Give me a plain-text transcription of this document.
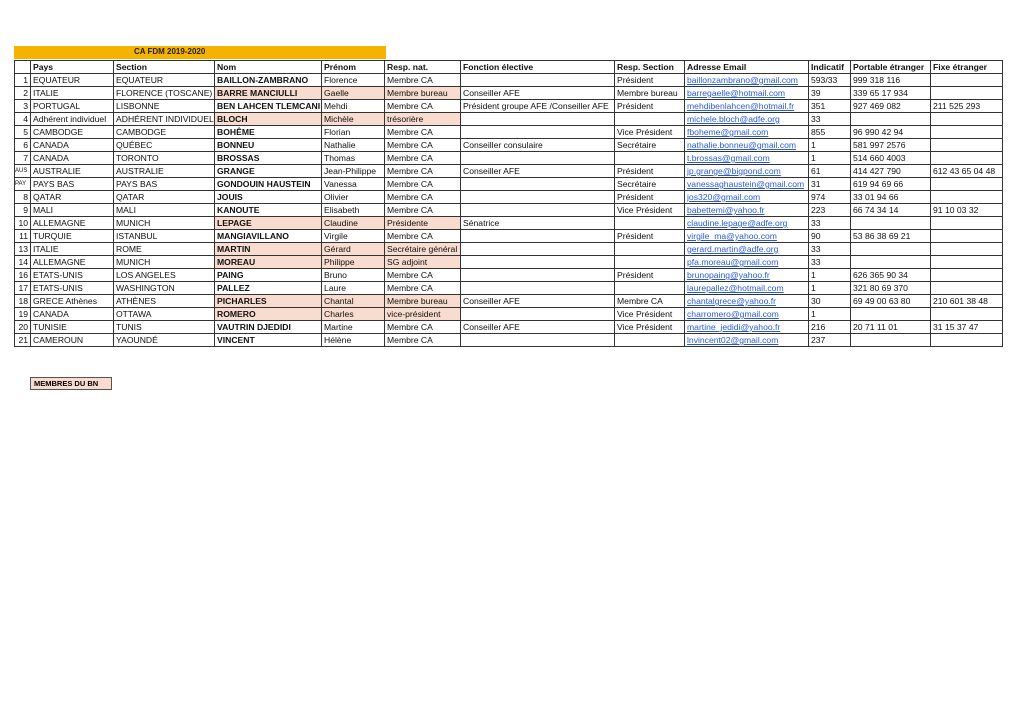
CA FDM 2019-2020
	Pays	Section	Nom	Prénom	Resp. nat.	Fonction élective	Resp. Section	Adresse Email	Indicatif	Portable étranger	Fixe étranger
1	EQUATEUR	EQUATEUR	BAILLON-ZAMBRANO	Florence	Membre CA		Président	baillonzambrano@gmail.com	593/33	999 318 116	
2	ITALIE	FLORENCE (TOSCANE)	BARRE MANCIULLI	Gaelle	Membre bureau	Conseiller AFE	Membre bureau	barregaelle@hotmail.com	39	339 65 17 934	
3	PORTUGAL	LISBONNE	BEN LAHCEN TLEMCANI	Mehdi	Membre CA	Président groupe AFE /Conseiller AFE	Président	mehdibenlahcen@hotmail.fr	351	927 469 082	211 525 293
4	Adhérent individuel	ADHÉRENT INDIVIDUEL	BLOCH	Michèle	trésorière			michele.bloch@adfe.org	33		
5	CAMBODGE	CAMBODGE	BOHÊME	Florian	Membre CA		Vice Président	fboheme@gmail.com	855	96 990 42 94	
6	CANADA	QUÉBEC	BONNEU	Nathalie	Membre CA	Conseiller consulaire	Secrétaire	nathalie.bonneu@gmail.com	1	581 997 2576	
7	CANADA	TORONTO	BROSSAS	Thomas	Membre CA			t.brossas@gmail.com	1	514 660 4003	
AUS	AUSTRALIE	AUSTRALIE	GRANGE	Jean-Philippe	Membre CA	Conseiller AFE	Président	jp.grange@bigpond.com	61	414 427 790	612 43 65 04 48
PAY	PAYS BAS	PAYS BAS	GONDOUIN HAUSTEIN	Vanessa	Membre CA		Secrétaire	vanessaghaustein@gmail.com	31	619 94 69 66	
8	QATAR	QATAR	JOUIS	Olivier	Membre CA		Président	jos320@gmail.com	974	33 01 94 66	
9	MALI	MALI	KANOUTE	Elisabeth	Membre CA		Vice Président	babettemi@yahoo.fr	223	66 74 34 14	91 10 03 32
10	ALLEMAGNE	MUNICH	LEPAGE	Claudine	Présidente	Sénatrice		claudine.lepage@adfe.org	33		
11	TURQUIE	ISTANBUL	MANGIAVILLANO	Virgile	Membre CA		Président	virgile_ma@yahoo.com	90	53 86 38 69 21	
13	ITALIE	ROME	MARTIN	Gérard	Secrétaire général			gerard.martin@adfe.org	33		
14	ALLEMAGNE	MUNICH	MOREAU	Philippe	SG adjoint			pfa.moreau@gmail.com	33		
16	ETATS-UNIS	LOS ANGELES	PAING	Bruno	Membre CA		Président	brunopaing@yahoo.fr	1	626 365 90 34	
17	ETATS-UNIS	WASHINGTON	PALLEZ	Laure	Membre CA			laurepallez@hotmail.com	1	321 80 69 370	
18	GRECE Athènes	ATHÈNES	PICHARLES	Chantal	Membre bureau	Conseiller AFE	Membre CA	chantalgrece@yahoo.fr	30	69 49 00 63 80	210 601 38 48
19	CANADA	OTTAWA	ROMERO	Charles	vice-président		Vice Président	charromero@gmail.com	1		
20	TUNISIE	TUNIS	VAUTRIN DJEDIDI	Martine	Membre CA	Conseiller AFE	Vice Président	martine_jedidi@yahoo.fr	216	20 71 11 01	31 15 37 47
21	CAMEROUN	YAOUNDÉ	VINCENT	Hélène	Membre CA			lnvincent02@gmail.com	237		
MEMBRES DU BN
